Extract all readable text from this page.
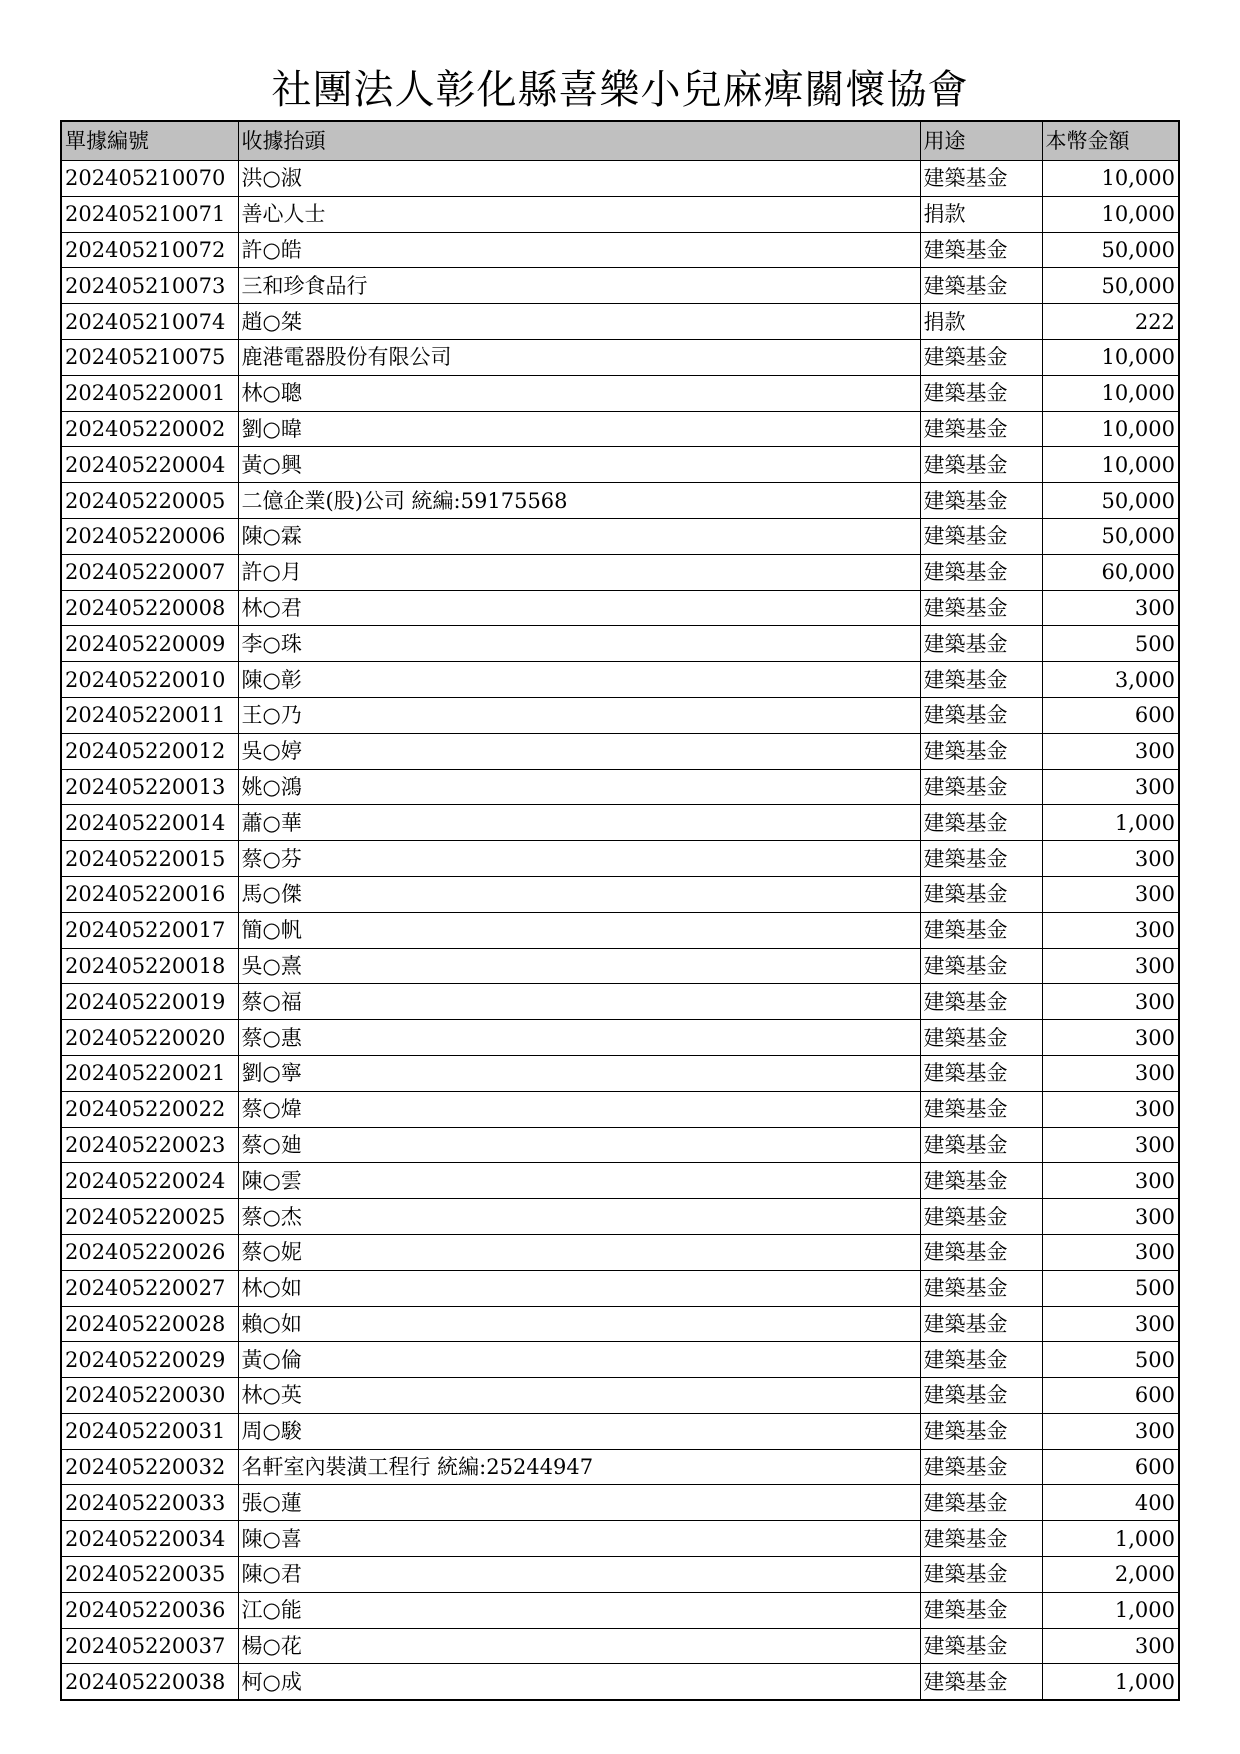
社團法人彰化縣喜樂小兒麻痺關懷協會
單據編號	收據抬頭	用途	本幣金額
202405210070	洪○淑	建築基金	10,000
202405210071	善心人士	捐款	10,000
202405210072	許○皓	建築基金	50,000
202405210073	三和珍食品行	建築基金	50,000
202405210074	趙○桀	捐款	222
202405210075	鹿港電器股份有限公司	建築基金	10,000
202405220001	林○聰	建築基金	10,000
202405220002	劉○暐	建築基金	10,000
202405220004	黃○興	建築基金	10,000
202405220005	二億企業(股)公司 統編:59175568	建築基金	50,000
202405220006	陳○霖	建築基金	50,000
202405220007	許○月	建築基金	60,000
202405220008	林○君	建築基金	300
202405220009	李○珠	建築基金	500
202405220010	陳○彰	建築基金	3,000
202405220011	王○乃	建築基金	600
202405220012	吳○婷	建築基金	300
202405220013	姚○鴻	建築基金	300
202405220014	蕭○華	建築基金	1,000
202405220015	蔡○芬	建築基金	300
202405220016	馬○傑	建築基金	300
202405220017	簡○帆	建築基金	300
202405220018	吳○熹	建築基金	300
202405220019	蔡○福	建築基金	300
202405220020	蔡○惠	建築基金	300
202405220021	劉○寧	建築基金	300
202405220022	蔡○煒	建築基金	300
202405220023	蔡○廸	建築基金	300
202405220024	陳○雲	建築基金	300
202405220025	蔡○杰	建築基金	300
202405220026	蔡○妮	建築基金	300
202405220027	林○如	建築基金	500
202405220028	賴○如	建築基金	300
202405220029	黃○倫	建築基金	500
202405220030	林○英	建築基金	600
202405220031	周○駿	建築基金	300
202405220032	名軒室內裝潢工程行 統編:25244947	建築基金	600
202405220033	張○蓮	建築基金	400
202405220034	陳○喜	建築基金	1,000
202405220035	陳○君	建築基金	2,000
202405220036	江○能	建築基金	1,000
202405220037	楊○花	建築基金	300
202405220038	柯○成	建築基金	1,000
